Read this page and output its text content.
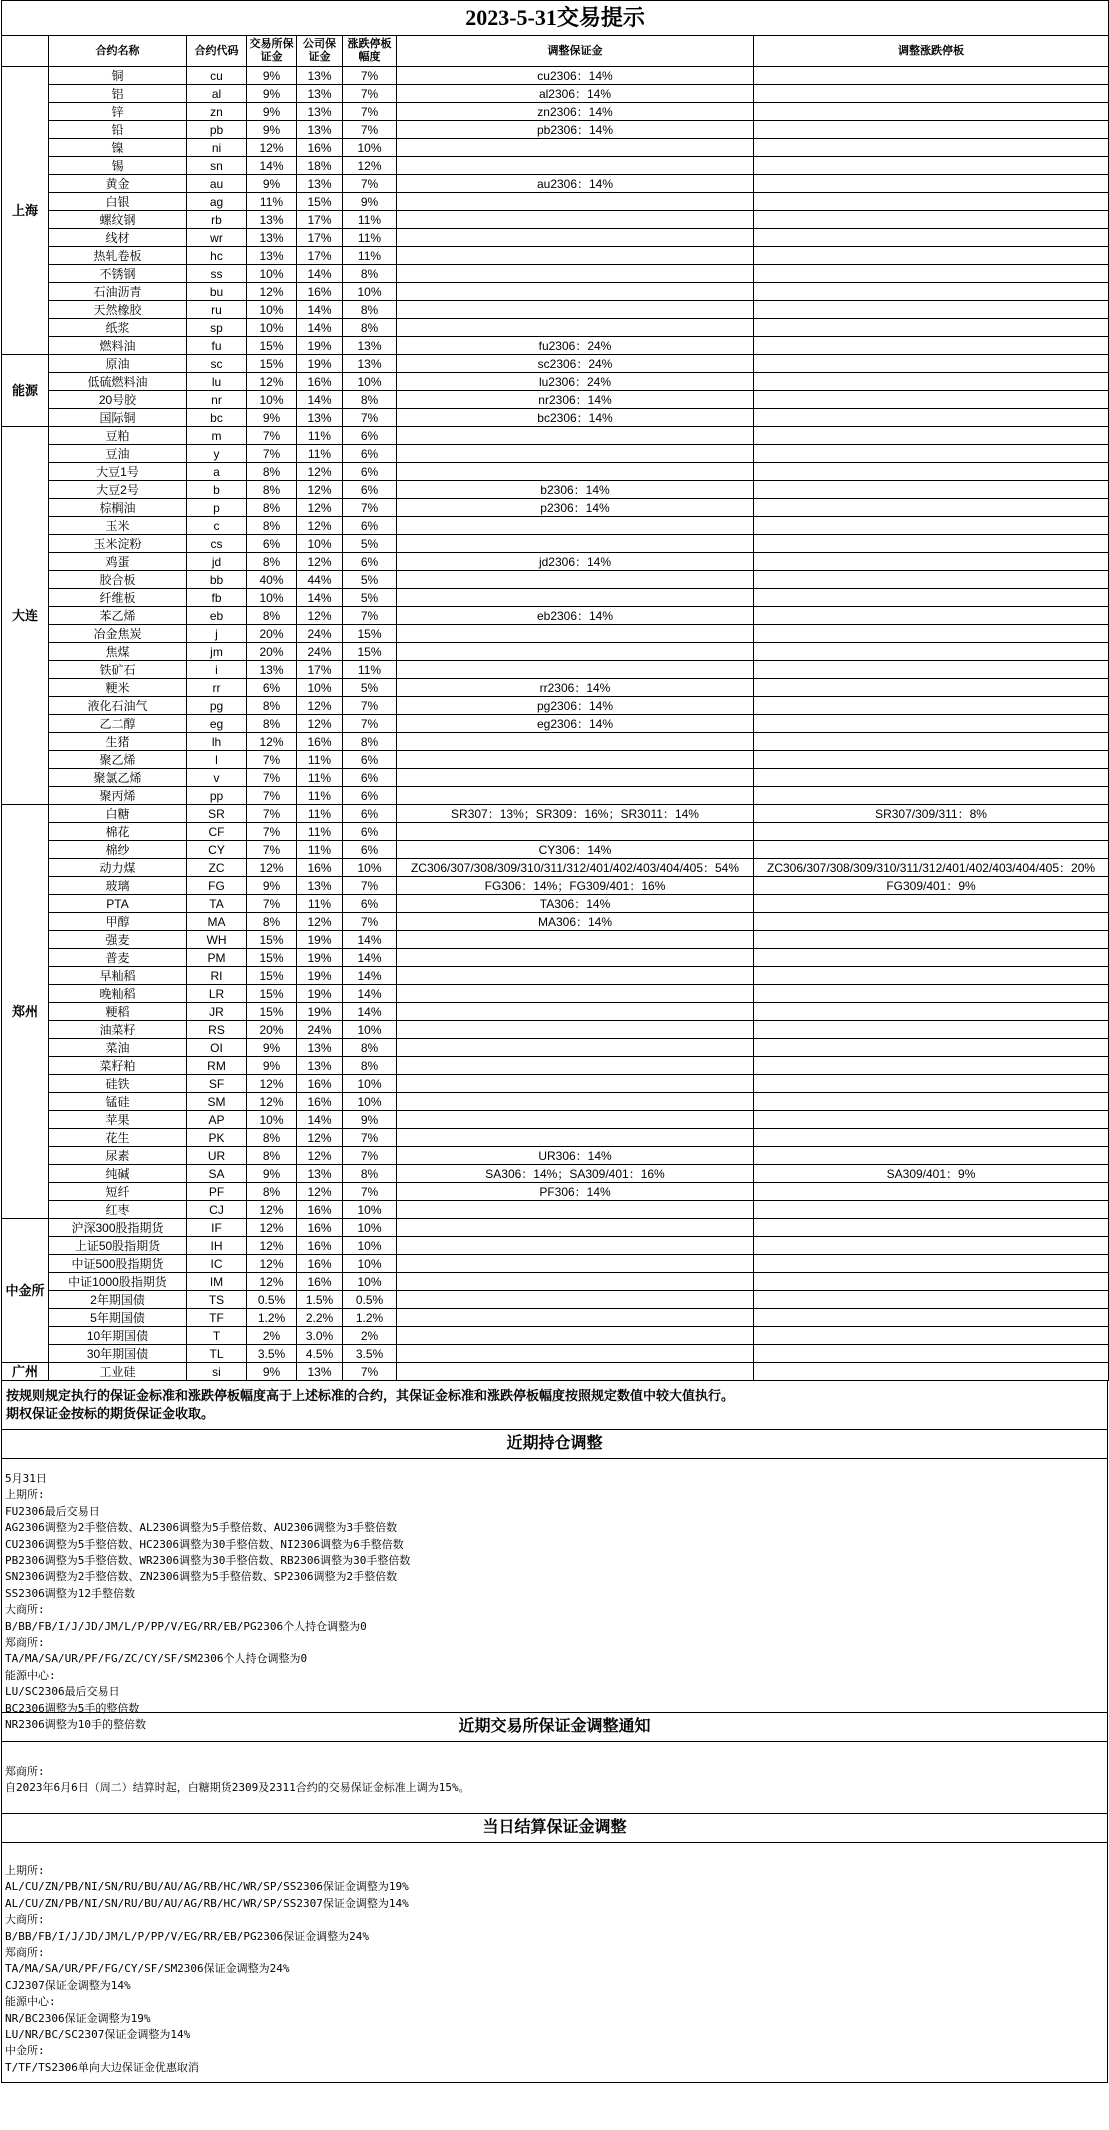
2023-5-31交易提示							
	合约名称	合约代码	交易所保证金	公司保证金	涨跌停板幅度	调整保证金	调整涨跌停板
上海	铜	cu	9%	13%	7%	cu2306：14%	
	铝	al	9%	13%	7%	al2306：14%	
	锌	zn	9%	13%	7%	zn2306：14%	
	铅	pb	9%	13%	7%	pb2306：14%	
	镍	ni	12%	16%	10%		
	锡	sn	14%	18%	12%		
	黄金	au	9%	13%	7%	au2306：14%	
	白银	ag	11%	15%	9%		
	螺纹钢	rb	13%	17%	11%		
	线材	wr	13%	17%	11%		
	热轧卷板	hc	13%	17%	11%		
	不锈钢	ss	10%	14%	8%		
	石油沥青	bu	12%	16%	10%		
	天然橡胶	ru	10%	14%	8%		
	纸浆	sp	10%	14%	8%		
	燃料油	fu	15%	19%	13%	fu2306：24%	
能源	原油	sc	15%	19%	13%	sc2306：24%	
	低硫燃料油	lu	12%	16%	10%	lu2306：24%	
	20号胶	nr	10%	14%	8%	nr2306：14%	
	国际铜	bc	9%	13%	7%	bc2306：14%	
大连	豆粕	m	7%	11%	6%		
	豆油	y	7%	11%	6%		
	大豆1号	a	8%	12%	6%		
	大豆2号	b	8%	12%	6%	b2306：14%	
	棕榈油	p	8%	12%	7%	p2306：14%	
	玉米	c	8%	12%	6%		
	玉米淀粉	cs	6%	10%	5%		
	鸡蛋	jd	8%	12%	6%	jd2306：14%	
	胶合板	bb	40%	44%	5%		
	纤维板	fb	10%	14%	5%		
	苯乙烯	eb	8%	12%	7%	eb2306：14%	
	冶金焦炭	j	20%	24%	15%		
	焦煤	jm	20%	24%	15%		
	铁矿石	i	13%	17%	11%		
	粳米	rr	6%	10%	5%	rr2306：14%	
	液化石油气	pg	8%	12%	7%	pg2306：14%	
	乙二醇	eg	8%	12%	7%	eg2306：14%	
	生猪	lh	12%	16%	8%		
	聚乙烯	l	7%	11%	6%		
	聚氯乙烯	v	7%	11%	6%		
	聚丙烯	pp	7%	11%	6%		
郑州	白糖	SR	7%	11%	6%	SR307：13%；SR309：16%；SR3011：14%	SR307/309/311：8%
	棉花	CF	7%	11%	6%		
	棉纱	CY	7%	11%	6%	CY306：14%	
	动力煤	ZC	12%	16%	10%	ZC306/307/308/309/310/311/312/401/402/403/404/405：54%	ZC306/307/308/309/310/311/312/401/402/403/404/405：20%
	玻璃	FG	9%	13%	7%	FG306：14%；FG309/401：16%	FG309/401：9%
	PTA	TA	7%	11%	6%	TA306：14%	
	甲醇	MA	8%	12%	7%	MA306：14%	
	强麦	WH	15%	19%	14%		
	普麦	PM	15%	19%	14%		
	早籼稻	RI	15%	19%	14%		
	晚籼稻	LR	15%	19%	14%		
	粳稻	JR	15%	19%	14%		
	油菜籽	RS	20%	24%	10%		
	菜油	OI	9%	13%	8%		
	菜籽粕	RM	9%	13%	8%		
	硅铁	SF	12%	16%	10%		
	锰硅	SM	12%	16%	10%		
	苹果	AP	10%	14%	9%		
	花生	PK	8%	12%	7%		
	尿素	UR	8%	12%	7%	UR306：14%	
	纯碱	SA	9%	13%	8%	SA306：14%；SA309/401：16%	SA309/401：9%
	短纤	PF	8%	12%	7%	PF306：14%	
	红枣	CJ	12%	16%	10%		
中金所	沪深300股指期货	IF	12%	16%	10%		
	上证50股指期货	IH	12%	16%	10%		
	中证500股指期货	IC	12%	16%	10%		
	中证1000股指期货	IM	12%	16%	10%		
	2年期国债	TS	0.5%	1.5%	0.5%		
	5年期国债	TF	1.2%	2.2%	1.2%		
	10年期国债	T	2%	3.0%	2%		
	30年期国债	TL	3.5%	4.5%	3.5%		
广州	工业硅	si	9%	13%	7%		
按规则规定执行的保证金标准和涨跌停板幅度高于上述标准的合约，其保证金标准和涨跌停板幅度按照规定数值中较大值执行。
期权保证金按标的期货保证金收取。
近期持仓调整
5月31日
上期所:
FU2306最后交易日
AG2306调整为2手整倍数、AL2306调整为5手整倍数、AU2306调整为3手整倍数
CU2306调整为5手整倍数、HC2306调整为30手整倍数、NI2306调整为6手整倍数
PB2306调整为5手整倍数、WR2306调整为30手整倍数、RB2306调整为30手整倍数
SN2306调整为2手整倍数、ZN2306调整为5手整倍数、SP2306调整为2手整倍数
SS2306调整为12手整倍数
大商所:
B/BB/FB/I/J/JD/JM/L/P/PP/V/EG/RR/EB/PG2306个人持仓调整为0
郑商所:
TA/MA/SA/UR/PF/FG/ZC/CY/SF/SM2306个人持仓调整为0
能源中心:
LU/SC2306最后交易日
BC2306调整为5手的整倍数
NR2306调整为10手的整倍数	近期交易所保证金调整通知
郑商所:
自2023年6月6日（周二）结算时起，白糖期货2309及2311合约的交易保证金标准上调为15%。
当日结算保证金调整
上期所:
AL/CU/ZN/PB/NI/SN/RU/BU/AU/AG/RB/HC/WR/SP/SS2306保证金调整为19%
AL/CU/ZN/PB/NI/SN/RU/BU/AU/AG/RB/HC/WR/SP/SS2307保证金调整为14%
大商所:
B/BB/FB/I/J/JD/JM/L/P/PP/V/EG/RR/EB/PG2306保证金调整为24%
郑商所:
TA/MA/SA/UR/PF/FG/CY/SF/SM2306保证金调整为24%
CJ2307保证金调整为14%
能源中心:
NR/BC2306保证金调整为19%
LU/NR/BC/SC2307保证金调整为14%
中金所:
T/TF/TS2306单向大边保证金优惠取消
